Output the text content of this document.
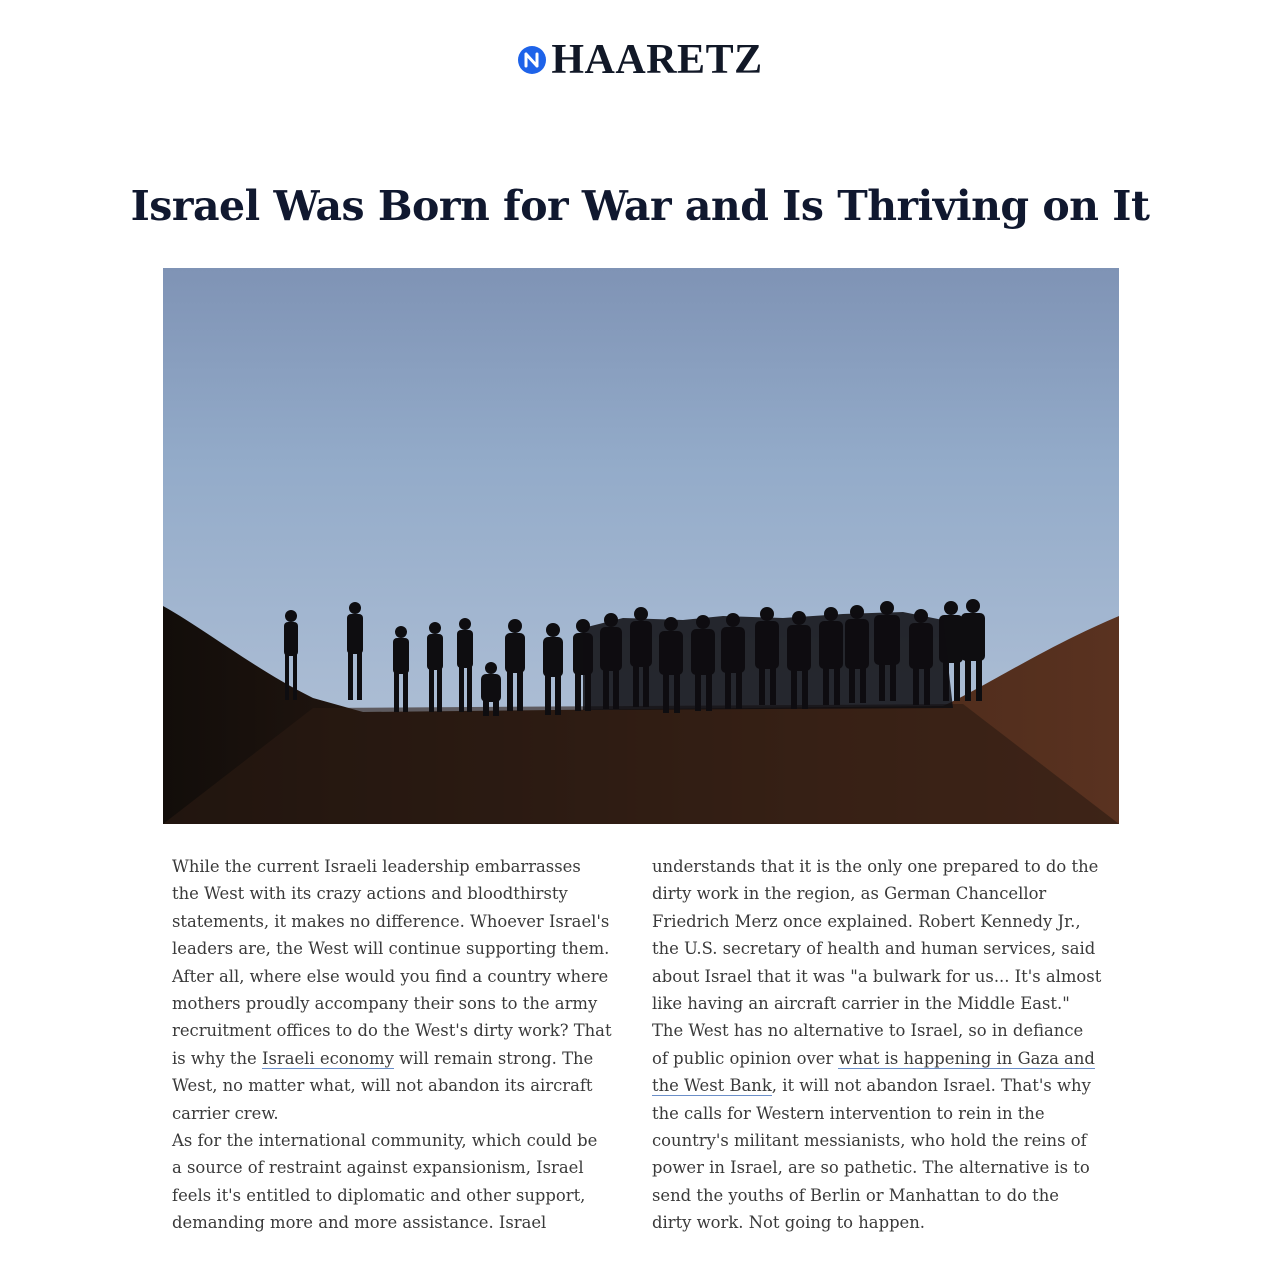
HAARETZ
Israel Was Born for War and Is Thriving on It

While the current Israeli leadership embarrasses the West with its crazy actions and bloodthirsty statements, it makes no difference. Whoever Israel's leaders are, the West will continue supporting them. After all, where else would you find a country where mothers proudly accompany their sons to the army recruitment offices to do the West's dirty work? That is why the Israeli economy will remain strong. The West, no matter what, will not abandon its aircraft carrier crew.

As for the international community, which could be a source of restraint against expansionism, Israel feels it's entitled to diplomatic and other support, demanding more and more assistance. Israel

understands that it is the only one prepared to do the dirty work in the region, as German Chancellor Friedrich Merz once explained. Robert Kennedy Jr., the U.S. secretary of health and human services, said about Israel that it was "a bulwark for us... It's almost like having an aircraft carrier in the Middle East." The West has no alternative to Israel, so in defiance of public opinion over what is happening in Gaza and the West Bank, it will not abandon Israel. That's why the calls for Western intervention to rein in the country's militant messianists, who hold the reins of power in Israel, are so pathetic. The alternative is to send the youths of Berlin or Manhattan to do the dirty work. Not going to happen.
